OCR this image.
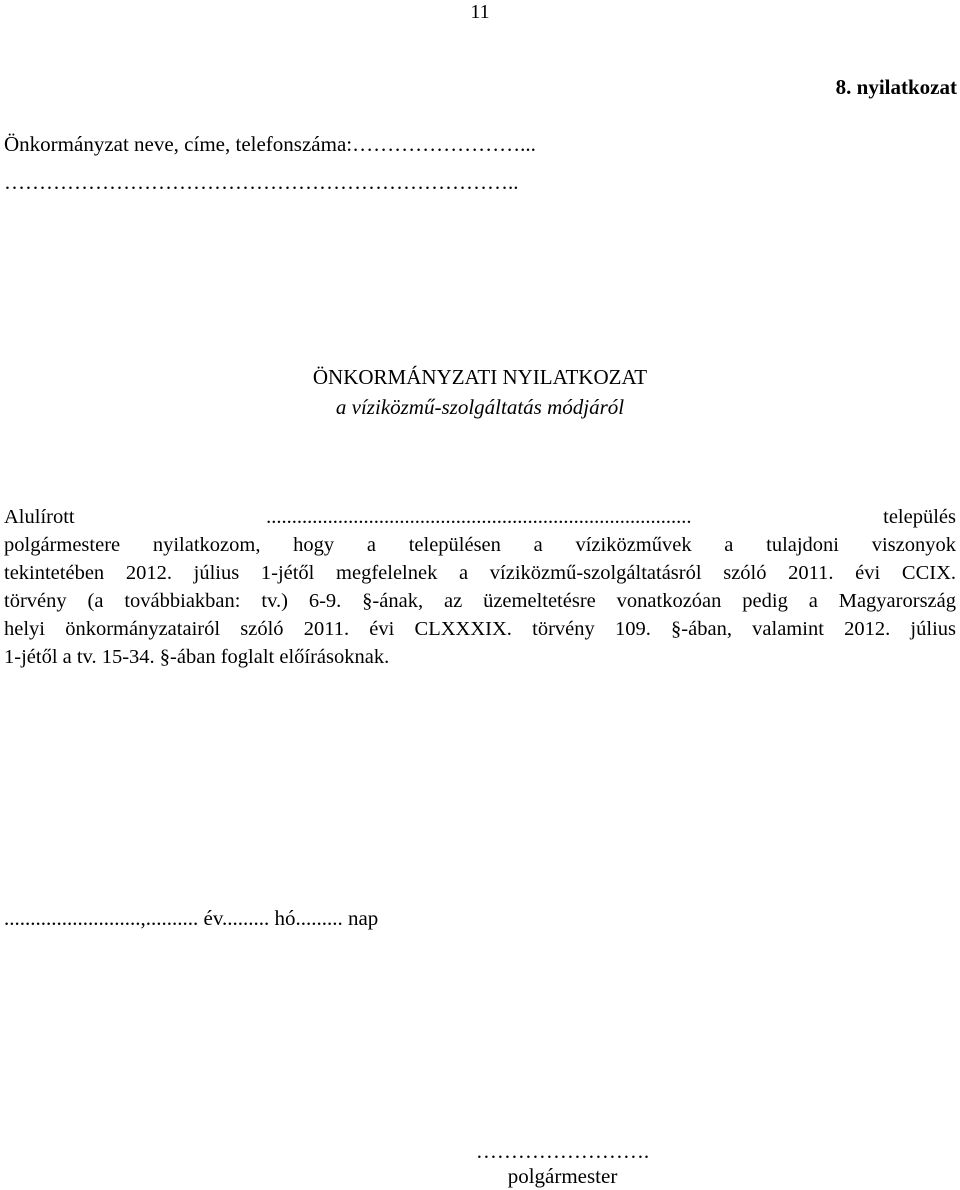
11
8. nyilatkozat
Önkormányzat neve, címe, telefonszáma:……………………...
………………………………………………………………..
ÖNKORMÁNYZATI NYILATKOZAT
a víziközmű-szolgáltatás módjáról
Alulírott ................................................................................... település
polgármestere nyilatkozom, hogy a településen a víziközművek a tulajdoni viszonyok
tekintetében 2012. július 1-jétől megfelelnek a víziközmű-szolgáltatásról szóló 2011. évi CCIX.
törvény (a továbbiakban: tv.) 6-9. §-ának, az üzemeltetésre vonatkozóan pedig a Magyarország
helyi önkormányzatairól szóló 2011. évi CLXXXIX. törvény 109. §-ában, valamint 2012. július
1-jétől a tv. 15-34. §-ában foglalt előírásoknak.
..........................,.......... év......... hó......... nap
…………………….
polgármester
